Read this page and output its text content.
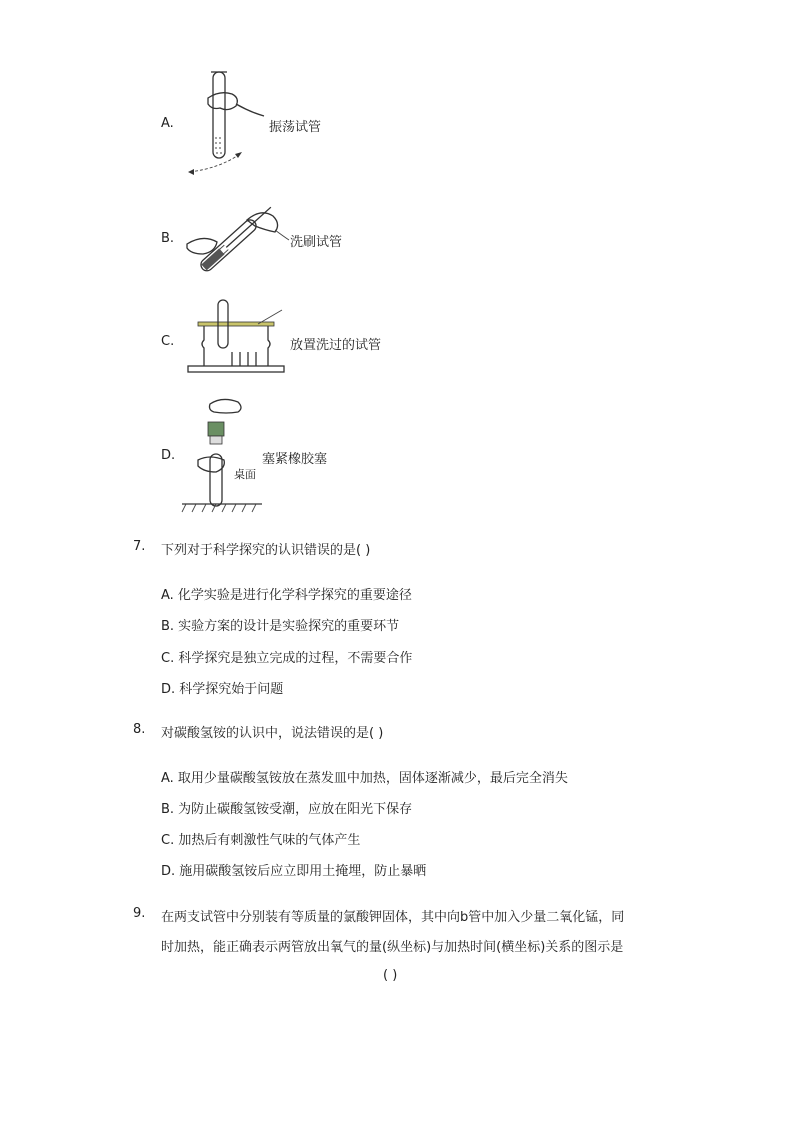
A.	振荡试管
B.	洗刷试管
C.	放置洗过的试管
D.
桌面
塞紧橡胶塞
7. 下列对于科学探究的认识错误的是( )
A. 化学实验是进行化学科学探究的重要途径
B. 实验方案的设计是实验探究的重要环节
C. 科学探究是独立完成的过程，不需要合作
D. 科学探究始于问题
8. 对碳酸氢铵的认识中，说法错误的是( )
A. 取用少量碳酸氢铵放在蒸发皿中加热，固体逐渐减少，最后完全消失
B. 为防止碳酸氢铵受潮，应放在阳光下保存
C. 加热后有刺激性气味的气体产生
D. 施用碳酸氢铵后应立即用土掩埋，防止暴晒
9. 在两支试管中分别装有等质量的氯酸钾固体，其中向b管中加入少量二氧化锰，同
时加热，能正确表示两管放出氧气的量(纵坐标)与加热时间(横坐标)关系的图示是
( )
